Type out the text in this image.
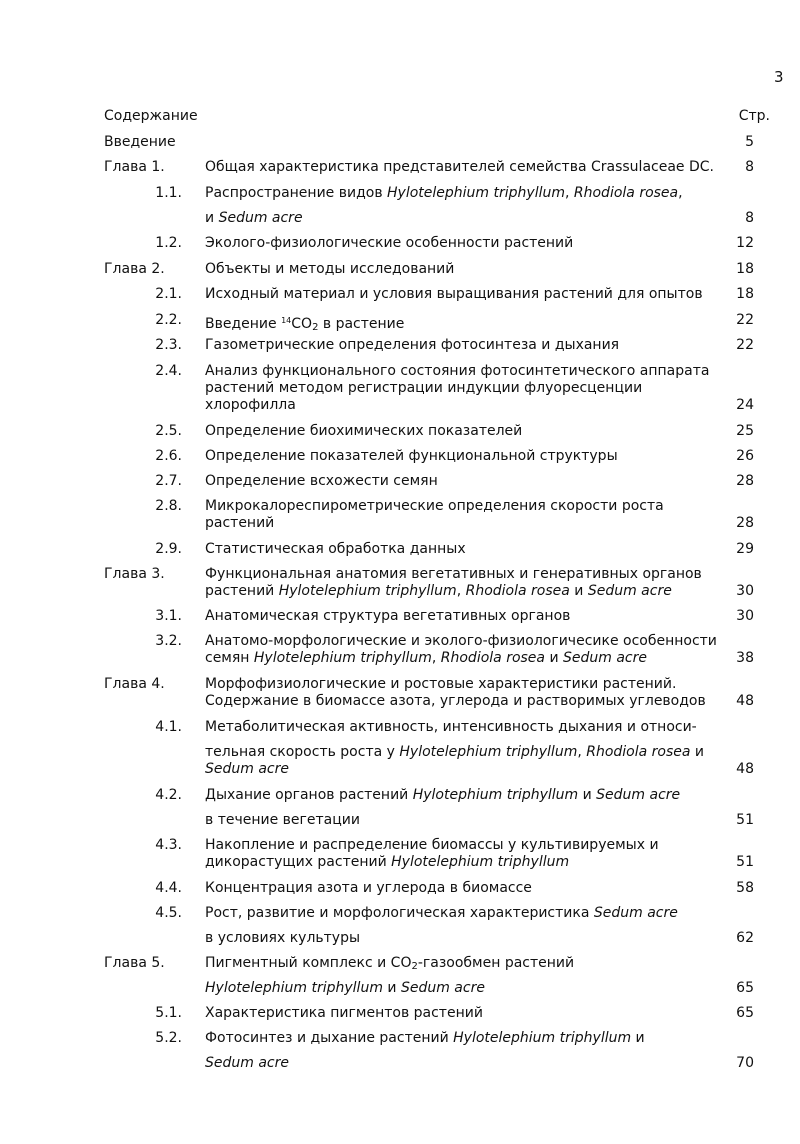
3
Содержание	Стр.
Введение	5
Глава 1.	Общая характеристика представителей семейства Crassulaceae DC.	8
1.1. Распространение видов Hylotelephium triphyllum, Rhodiola rosea,
и Sedum acre	8
1.2. Эколого-физиологические особенности растений	12
Глава 2.	Объекты и методы исследований	18
2.1. Исходный материал и условия выращивания растений для опытов	18
2.2. Введение $^{14}CO_2$ в растение	22
2.3. Газометрические определения фотосинтеза и дыхания	22
2.4. Анализ функционального состояния фотосинтетического аппарата
растений методом регистрации индукции флуоресценции хлорофилла	24
2.5. Определение биохимических показателей	25
2.6. Определение показателей функциональной структуры	26
2.7. Определение всхожести семян	28
2.8. Микрокалореспирометрические определения скорости роста растений	28
2.9. Статистическая обработка данных	29
Глава 3.	Функциональная анатомия вегетативных и генеративных органов
растений Hylotelephium triphyllum, Rhodiola rosea и Sedum acre	30
3.1. Анатомическая структура вегетативных органов	30
3.2. Анатомо-морфологические и эколого-физиологичесике особенности
семян Hylotelephium triphyllum, Rhodiola rosea и Sedum acre	38
Глава 4.	Морфофизиологические и ростовые характеристики растений.
Содержание в биомассе азота, углерода и растворимых углеводов	48
4.1. Метаболитическая активность, интенсивность дыхания и относи-
тельная скорость роста у Hylotelephium triphyllum, Rhodiola rosea и
Sedum acre	48
4.2. Дыхание органов растений Hylotephium triphyllum и Sedum acre
в течение вегетации	51
4.3. Накопление и распределение биомассы у культивируемых и
дикорастущих растений Hylotelephium triphyllum	51
4.4. Концентрация азота и углерода в биомассе	58
4.5. Рост, развитие и морфологическая характеристика Sedum acre
в условиях культуры	62
Глава 5.	Пигментный комплекс и $CO_2$-газообмен растений
Hylotelephium triphyllum и Sedum acre	65
5.1. Характеристика пигментов растений	65
5.2. Фотосинтез и дыхание растений Hylotelephium triphyllum и
Sedum acre	70
